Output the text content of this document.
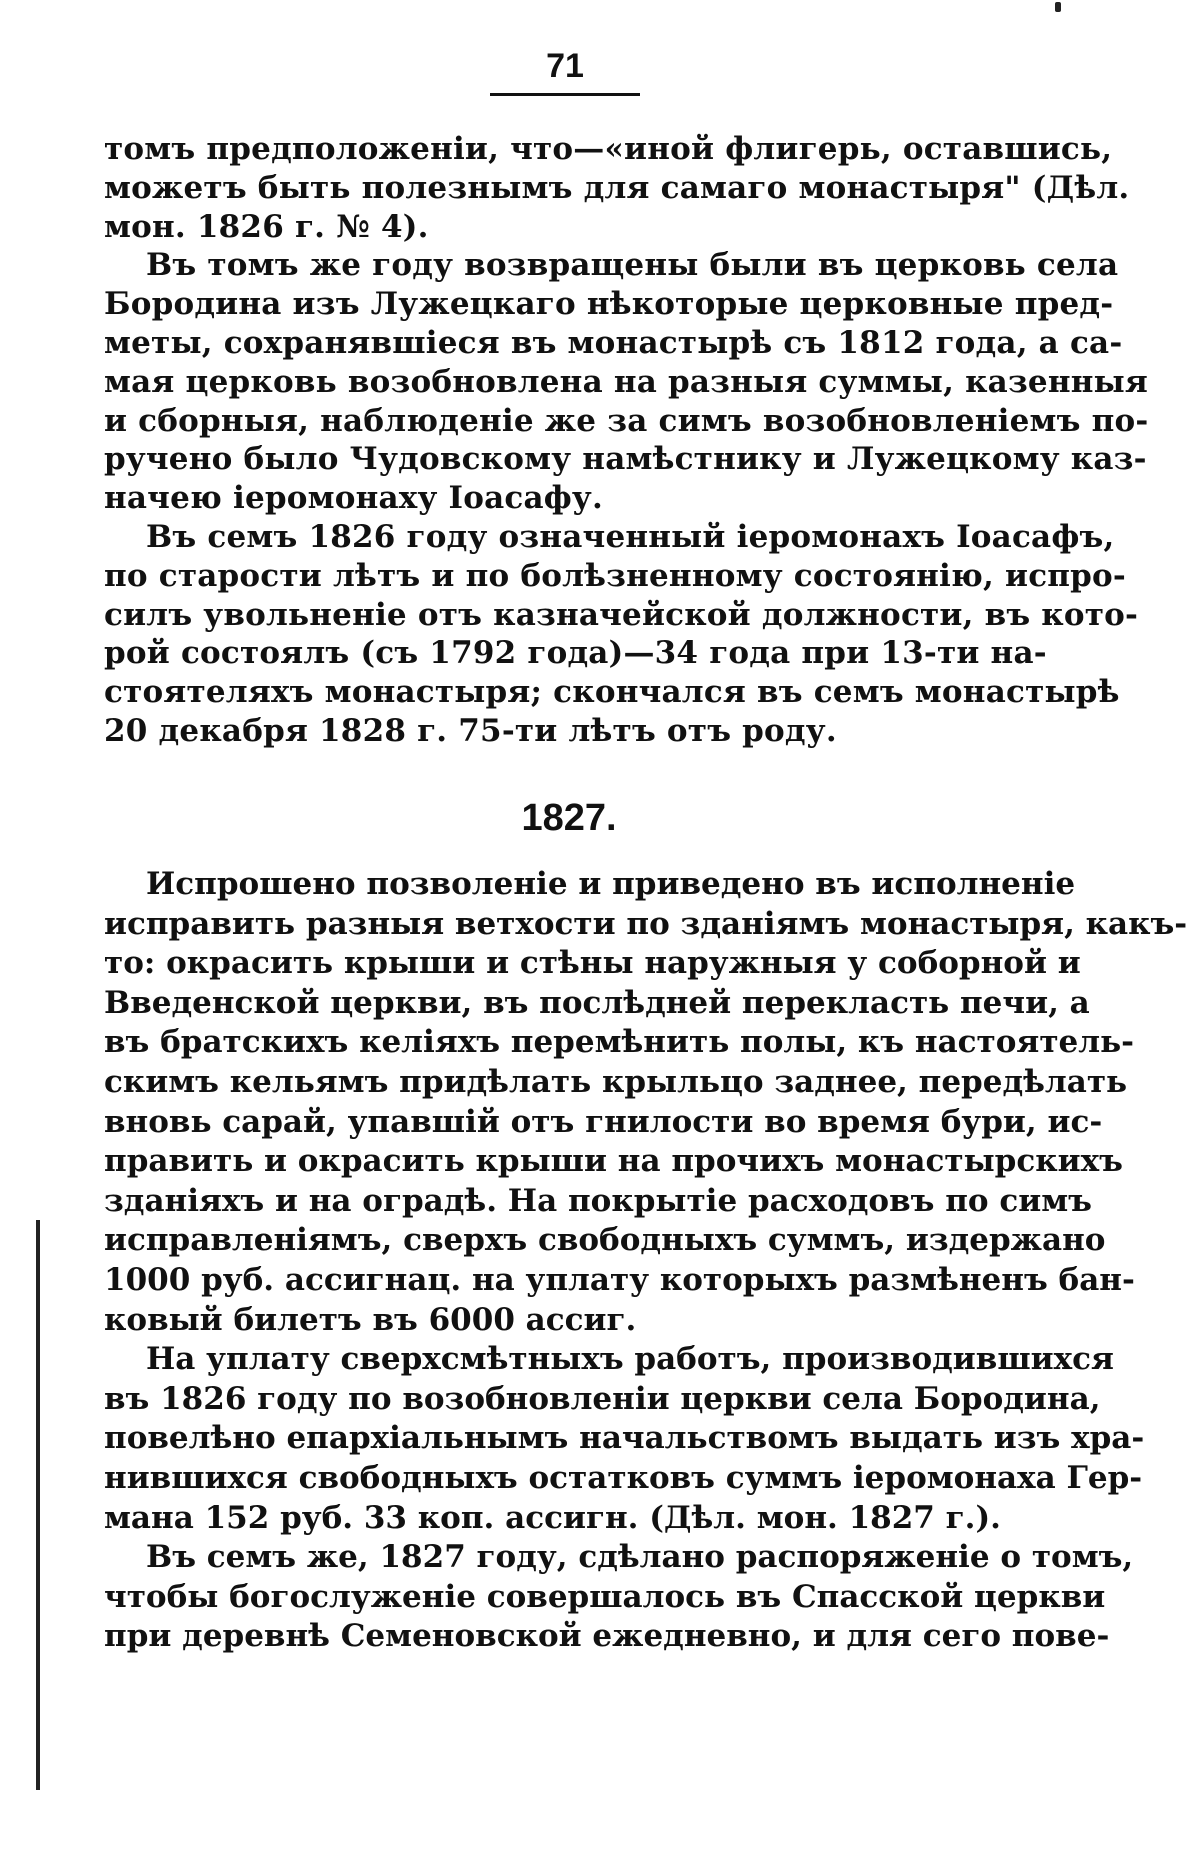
71
томъ предположеніи, что—«иной флигерь, оставшись,
можетъ быть полезнымъ для самаго монастыря" (Дѣл.
мон. 1826 г. № 4).
Въ томъ же году возвращены были въ церковь села
Бородина изъ Лужецкаго нѣкоторые церковные пред-
меты, сохранявшіеся въ монастырѣ съ 1812 года, а са-
мая церковь возобновлена на разныя суммы, казенныя
и сборныя, наблюденіе же за симъ возобновленіемъ по-
ручено было Чудовскому намѣстнику и Лужецкому каз-
начею іеромонаху Іоасафу.
Въ семъ 1826 году означенный іеромонахъ Іоасафъ,
по старости лѣтъ и по болѣзненному состоянію, испро-
силъ увольненіе отъ казначейской должности, въ кото-
рой состоялъ (съ 1792 года)—34 года при 13-ти на-
стоятеляхъ монастыря; скончался въ семъ монастырѣ
20 декабря 1828 г. 75-ти лѣтъ отъ роду.
1827.
Испрошено позволеніе и приведено въ исполненіе
исправить разныя ветхости по зданіямъ монастыря, какъ-
то: окрасить крыши и стѣны наружныя у соборной и
Введенской церкви, въ послѣдней перекласть печи, а
въ братскихъ келіяхъ перемѣнить полы, къ настоятель-
скимъ кельямъ придѣлать крыльцо заднее, передѣлать
вновь сарай, упавшій отъ гнилости во время бури, ис-
править и окрасить крыши на прочихъ монастырскихъ
зданіяхъ и на оградѣ. На покрытіе расходовъ по симъ
исправленіямъ, сверхъ свободныхъ суммъ, издержано
1000 руб. ассигнац. на уплату которыхъ размѣненъ бан-
ковый билетъ въ 6000 ассиг.
На уплату сверхсмѣтныхъ работъ, производившихся
въ 1826 году по возобновленіи церкви села Бородина,
повелѣно епархіальнымъ начальствомъ выдать изъ хра-
нившихся свободныхъ остатковъ суммъ іеромонаха Гер-
мана 152 руб. 33 коп. ассигн. (Дѣл. мон. 1827 г.).
Въ семъ же, 1827 году, сдѣлано распоряженіе о томъ,
чтобы богослуженіе совершалось въ Спасской церкви
при деревнѣ Семеновской ежедневно, и для сего пове-
